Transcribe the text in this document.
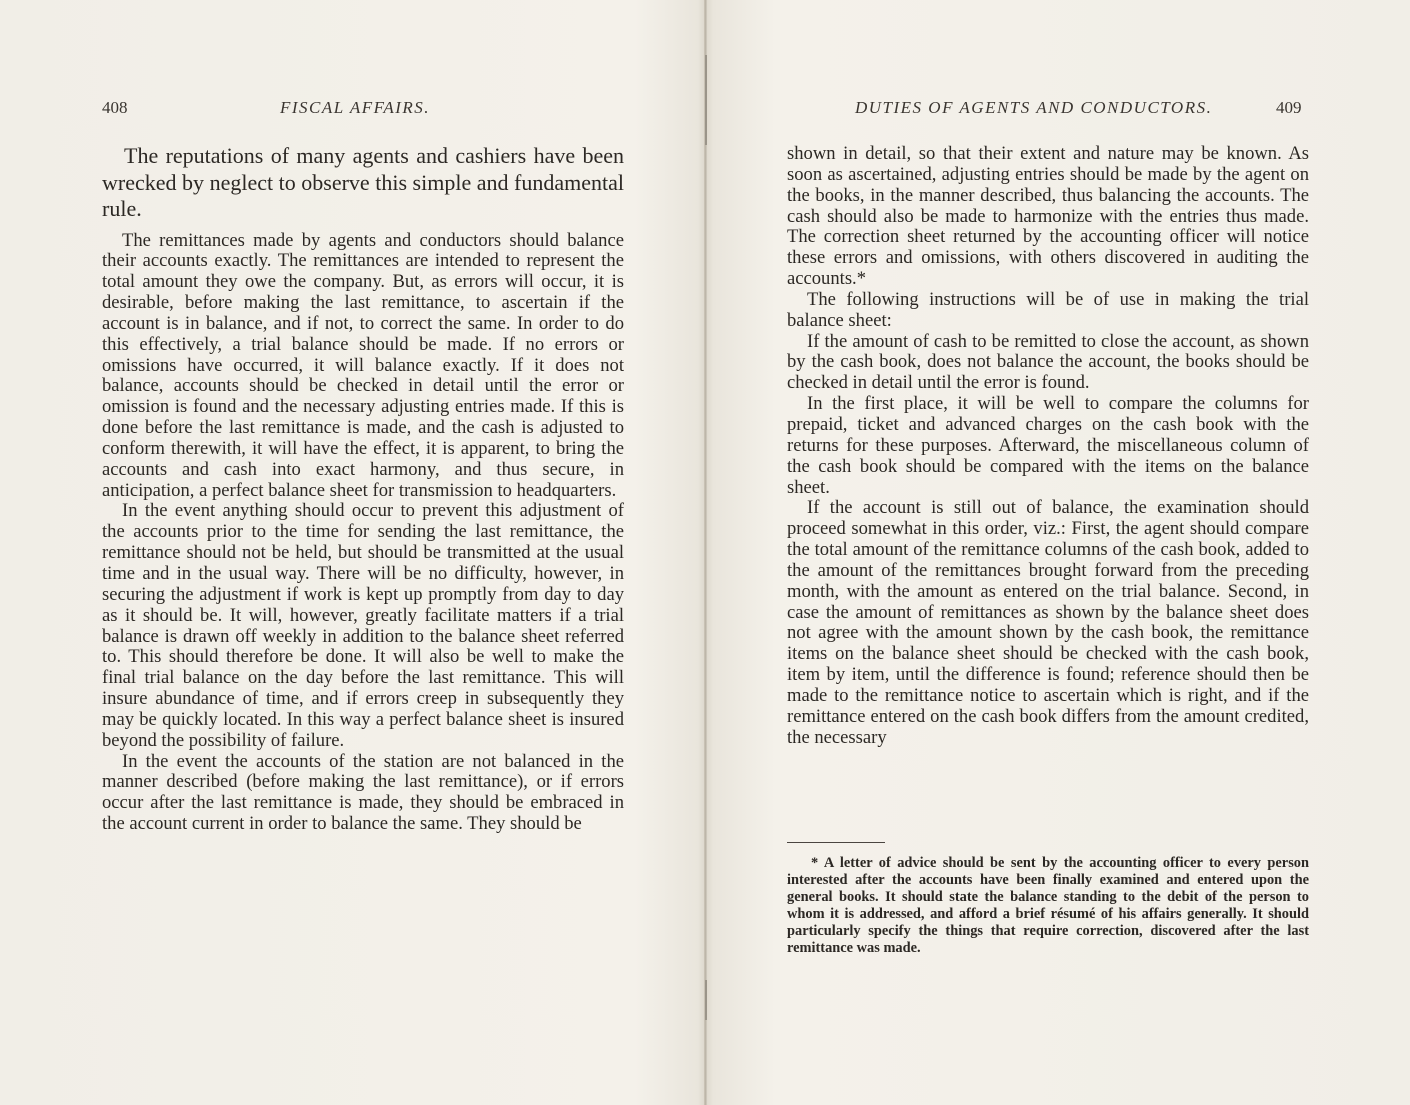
408	FISCAL AFFAIRS.

The reputations of many agents and cashiers have been wrecked by neglect to observe this simple and fundamental rule.

The remittances made by agents and conductors should balance their accounts exactly. The remittances are intended to represent the total amount they owe the company. But, as errors will occur, it is desirable, before making the last remittance, to ascertain if the account is in balance, and if not, to correct the same. In order to do this effectively, a trial balance should be made. If no errors or omissions have occurred, it will balance exactly. If it does not balance, accounts should be checked in detail until the error or omission is found and the necessary adjusting entries made. If this is done before the last remittance is made, and the cash is adjusted to conform therewith, it will have the effect, it is apparent, to bring the accounts and cash into exact harmony, and thus secure, in anticipation, a perfect balance sheet for transmission to headquarters.

In the event anything should occur to prevent this adjustment of the accounts prior to the time for sending the last remittance, the remittance should not be held, but should be transmitted at the usual time and in the usual way. There will be no difficulty, however, in securing the adjustment if work is kept up promptly from day to day as it should be. It will, however, greatly facilitate matters if a trial balance is drawn off weekly in addition to the balance sheet referred to. This should therefore be done. It will also be well to make the final trial balance on the day before the last remittance. This will insure abundance of time, and if errors creep in subsequently they may be quickly located. In this way a perfect balance sheet is insured beyond the possibility of failure.

In the event the accounts of the station are not balanced in the manner described (before making the last remittance), or if errors occur after the last remittance is made, they should be embraced in the account current in order to balance the same. They should be

DUTIES OF AGENTS AND CONDUCTORS.	409

shown in detail, so that their extent and nature may be known. As soon as ascertained, adjusting entries should be made by the agent on the books, in the manner described, thus balancing the accounts. The cash should also be made to harmonize with the entries thus made. The correction sheet returned by the accounting officer will notice these errors and omissions, with others discovered in auditing the accounts.*

The following instructions will be of use in making the trial balance sheet:

If the amount of cash to be remitted to close the account, as shown by the cash book, does not balance the account, the books should be checked in detail until the error is found.

In the first place, it will be well to compare the columns for prepaid, ticket and advanced charges on the cash book with the returns for these purposes. Afterward, the miscellaneous column of the cash book should be compared with the items on the balance sheet.

If the account is still out of balance, the examination should proceed somewhat in this order, viz.: First, the agent should compare the total amount of the remittance columns of the cash book, added to the amount of the remittances brought forward from the preceding month, with the amount as entered on the trial balance. Second, in case the amount of remittances as shown by the balance sheet does not agree with the amount shown by the cash book, the remittance items on the balance sheet should be checked with the cash book, item by item, until the difference is found; reference should then be made to the remittance notice to ascertain which is right, and if the remittance entered on the cash book differs from the amount credited, the necessary

* A letter of advice should be sent by the accounting officer to every person interested after the accounts have been finally examined and entered upon the general books. It should state the balance standing to the debit of the person to whom it is addressed, and afford a brief résumé of his affairs generally. It should particularly specify the things that require correction, discovered after the last remittance was made.
